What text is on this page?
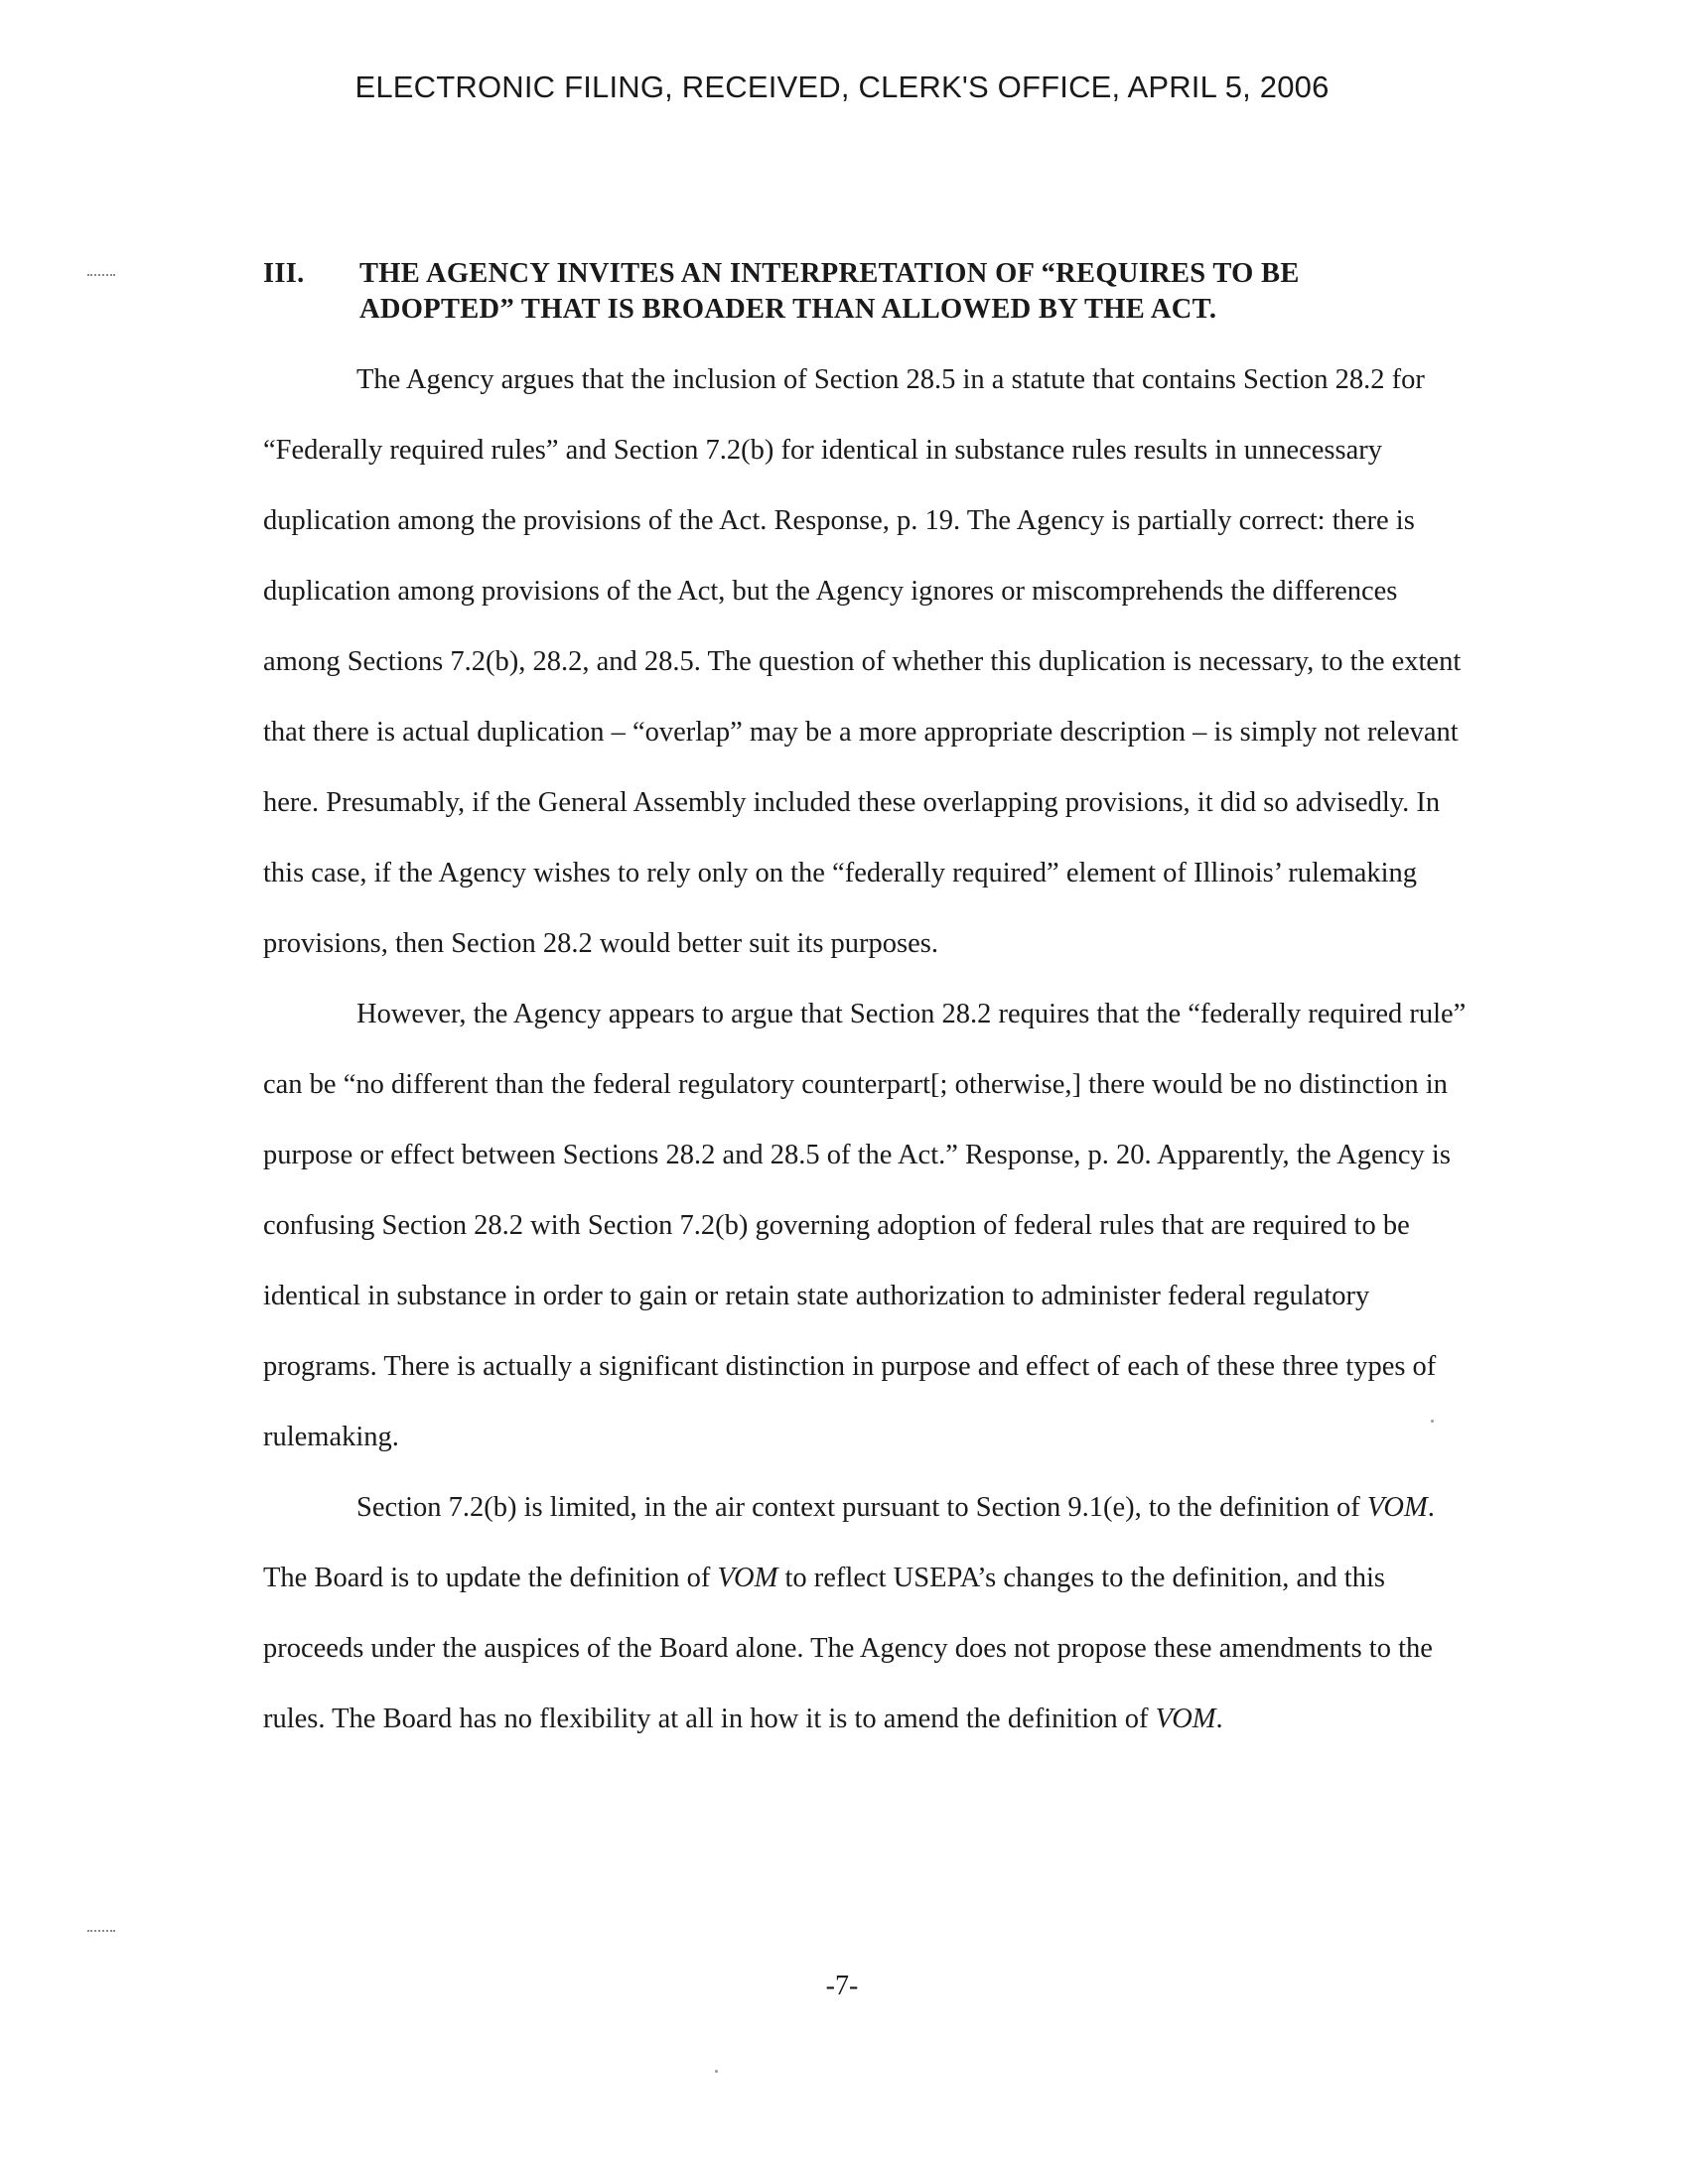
ELECTRONIC FILING, RECEIVED, CLERK'S OFFICE, APRIL 5, 2006
III. THE AGENCY INVITES AN INTERPRETATION OF “REQUIRES TO BE
ADOPTED” THAT IS BROADER THAN ALLOWED BY THE ACT.

The Agency argues that the inclusion of Section 28.5 in a statute that contains Section 28.2 for “Federally required rules” and Section 7.2(b) for identical in substance rules results in unnecessary duplication among the provisions of the Act. Response, p. 19. The Agency is partially correct: there is duplication among provisions of the Act, but the Agency ignores or miscomprehends the differences among Sections 7.2(b), 28.2, and 28.5. The question of whether this duplication is necessary, to the extent that there is actual duplication – “overlap” may be a more appropriate description – is simply not relevant here. Presumably, if the General Assembly included these overlapping provisions, it did so advisedly. In this case, if the Agency wishes to rely only on the “federally required” element of Illinois’ rulemaking provisions, then Section 28.2 would better suit its purposes.

However, the Agency appears to argue that Section 28.2 requires that the “federally required rule” can be “no different than the federal regulatory counterpart[; otherwise,] there would be no distinction in purpose or effect between Sections 28.2 and 28.5 of the Act.” Response, p. 20. Apparently, the Agency is confusing Section 28.2 with Section 7.2(b) governing adoption of federal rules that are required to be identical in substance in order to gain or retain state authorization to administer federal regulatory programs. There is actually a significant distinction in purpose and effect of each of these three types of rulemaking.

Section 7.2(b) is limited, in the air context pursuant to Section 9.1(e), to the definition of VOM. The Board is to update the definition of VOM to reflect USEPA’s changes to the definition, and this proceeds under the auspices of the Board alone. The Agency does not propose these amendments to the rules. The Board has no flexibility at all in how it is to amend the definition of VOM.

-7-
